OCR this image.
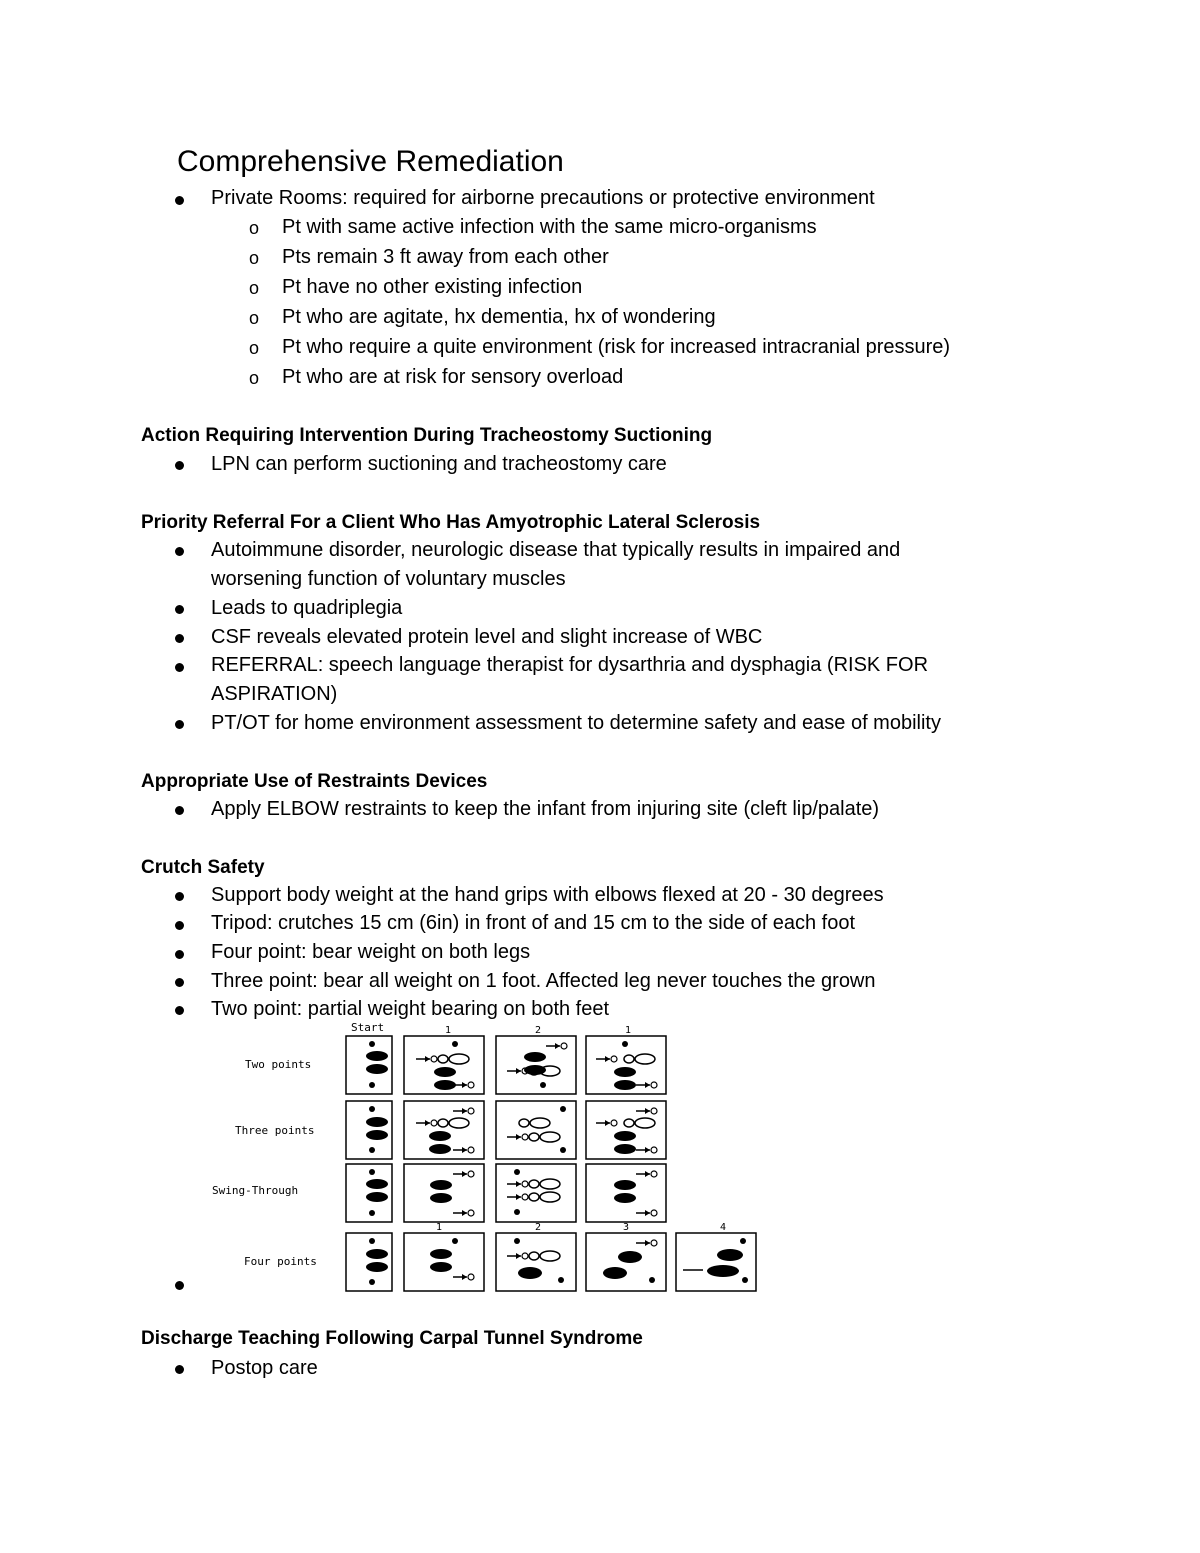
Comprehensive Remediation
Private Rooms: required for airborne precautions or protective environment
o Pt with same active infection with the same micro-organisms
o Pts remain 3 ft away from each other
o Pt have no other existing infection
o Pt who are agitate, hx dementia, hx of wondering
o Pt who require a quite environment (risk for increased intracranial pressure)
o Pt who are at risk for sensory overload
Action Requiring Intervention During Tracheostomy Suctioning
LPN can perform suctioning and tracheostomy care
Priority Referral For a Client Who Has Amyotrophic Lateral Sclerosis
Autoimmune disorder, neurologic disease that typically results in impaired and
worsening function of voluntary muscles
Leads to quadriplegia
CSF reveals elevated protein level and slight increase of WBC
REFERRAL: speech language therapist for dysarthria and dysphagia (RISK FOR
ASPIRATION)
PT/OT for home environment assessment to determine safety and ease of mobility
Appropriate Use of Restraints Devices
Apply ELBOW restraints to keep the infant from injuring site (cleft lip/palate)
Crutch Safety
Support body weight at the hand grips with elbows flexed at 20 - 30 degrees
Tripod: crutches 15 cm (6in) in front of and 15 cm to the side of each foot
Four point: bear weight on both legs
Three point: bear all weight on 1 foot. Affected leg never touches the grown
Two point: partial weight bearing on both feet
Start	1	2	1
Two points
Three points
Swing-Through
1	2	3	4
Four points
Discharge Teaching Following Carpal Tunnel Syndrome
Postop care
